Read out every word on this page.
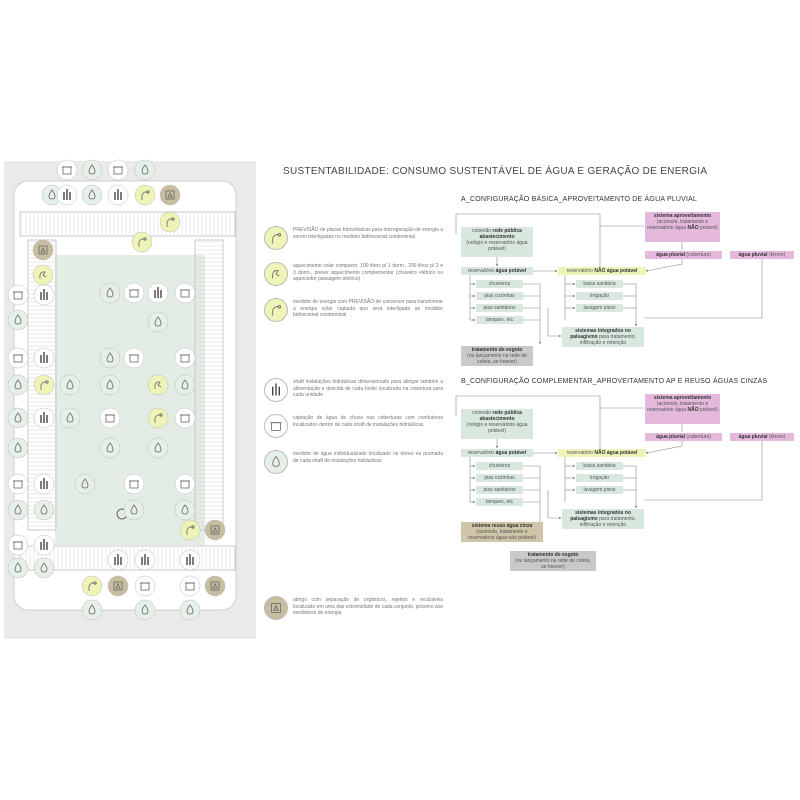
SUSTENTABILIDADE: CONSUMO SUSTENTÁVEL DE ÁGUA E GERAÇÃO DE ENERGIA
PREVISÃO de placas fotovoltaicas para microgeração de energia a serem interligadas no medidor bidirecional condominial
aquecimento solar compacto: 100 litros p/ 1 dorm., 200 litros p/ 2 e 3 dorm., prever aquecimento complementar (chuveiro elétrico ou aquecedor passagem elétrico)
medidor de energia com PREVISÃO de conversor para transformar a energia solar captada que será interligada ao medidor bidirecional condominial
shaft instalações hidráulicas dimensionado para abrigar também a alimentação e descida de cada boiler localizado na cobertura para cada unidade
captação de água de chuva nas coberturas com condutores localizados dentro de cada shaft de instalações hidráulicas
medidor de água individualizado localizado no térreo na prumada de cada shaft de instalações hidráulicas
abrigo com separação de orgânicos, rejeitos e recicláveis localizado em uma das extremidade de cada conjunto, próximo aos medidores de energia
A_CONFIGURAÇÃO BÁSICA_APROVEITAMENTO DE ÁGUA PLUVIAL
conexão rede pública abastecimento
(relógio e reservatório água potável)
sistema aproveitamento
(acúmulo, tratamento e reservatório água NÃO potável)
água pluvial (cobertura)	água pluvial (térreo)
reservatório água potável	reservatório NÃO água potável
chuveiros
pias cozinhas
pias sanitários
tanques, etc
bacia sanitária
irrigação
lavagem pisos
sistemas integrados no paisagismo para tratamento, infiltração e retenção
tratamento de esgoto
(ou lançamento na rede de coleta, se houver)
B_CONFIGURAÇÃO COMPLEMENTAR_APROVEITAMENTO AP E REUSO ÁGUAS CINZAS
conexão rede pública abastecimento
(relógio e reservatório água potável)
sistema aproveitamento
(acúmulo, tratamento e reservatório água NÃO potável)
água pluvial (cobertura)	água pluvial (térreo)
reservatório água potável	reservatório NÃO água potável
chuveiros
pias cozinhas
pias sanitários
tanques, etc
bacia sanitária
irrigação
lavagem pisos
sistemas integrados no paisagismo para tratamento, infiltração e retenção
sistema reuso água cinza
(acúmulo, tratamento e reservatório água não potável)
tratamento de esgoto
(ou lançamento na rede de coleta, se houver)
